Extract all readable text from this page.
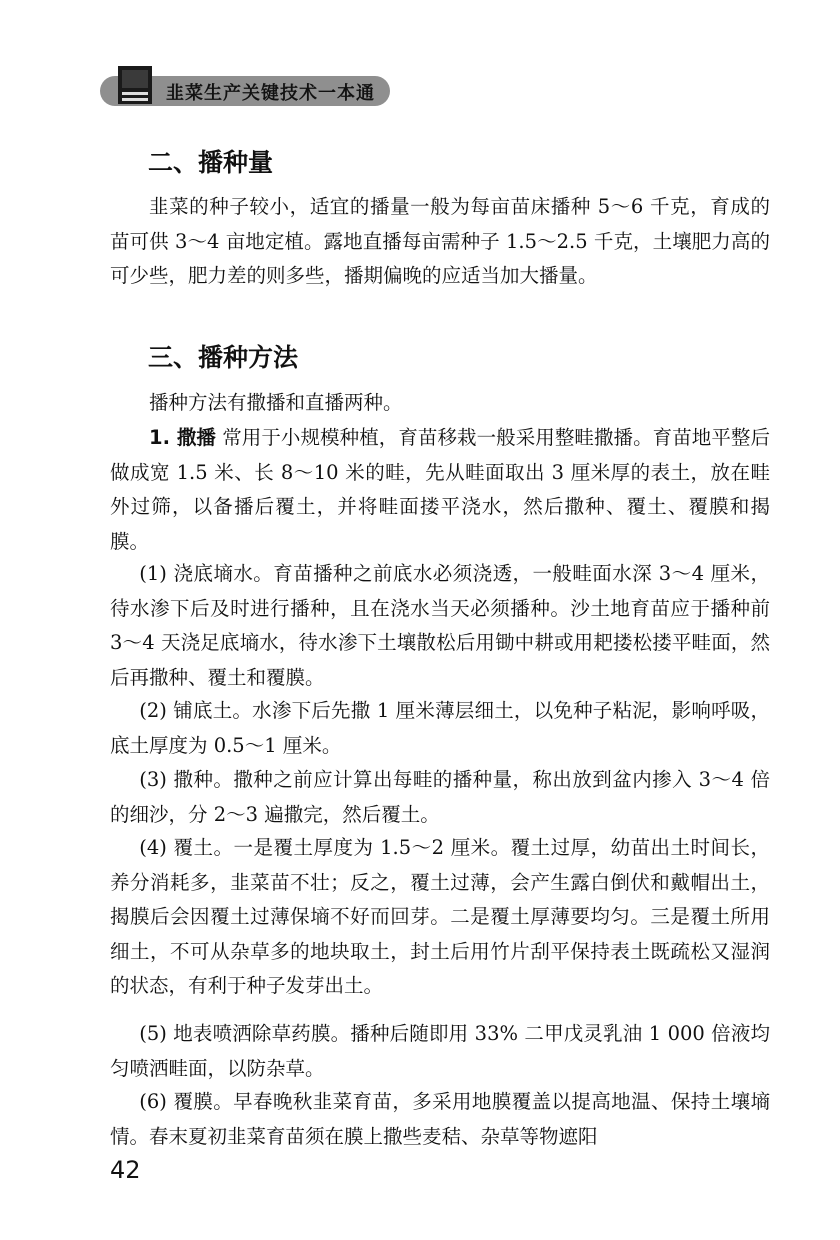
韭菜生产关键技术一本通
二、播种量

韭菜的种子较小，适宜的播量一般为每亩苗床播种 5～6 千克，育成的苗可供 3～4 亩地定植。露地直播每亩需种子 1.5～2.5 千克，土壤肥力高的可少些，肥力差的则多些，播期偏晚的应适当加大播量。

三、播种方法

播种方法有撒播和直播两种。

1. 撒播 常用于小规模种植，育苗移栽一般采用整畦撒播。育苗地平整后做成宽 1.5 米、长 8～10 米的畦，先从畦面取出 3 厘米厚的表土，放在畦外过筛，以备播后覆土，并将畦面搂平浇水，然后撒种、覆土、覆膜和揭膜。

(1) 浇底墒水。育苗播种之前底水必须浇透，一般畦面水深 3～4 厘米，待水渗下后及时进行播种，且在浇水当天必须播种。沙土地育苗应于播种前 3～4 天浇足底墒水，待水渗下土壤散松后用锄中耕或用耙搂松搂平畦面，然后再撒种、覆土和覆膜。

(2) 铺底土。水渗下后先撒 1 厘米薄层细土，以免种子粘泥，影响呼吸，底土厚度为 0.5～1 厘米。

(3) 撒种。撒种之前应计算出每畦的播种量，称出放到盆内掺入 3～4 倍的细沙，分 2～3 遍撒完，然后覆土。

(4) 覆土。一是覆土厚度为 1.5～2 厘米。覆土过厚，幼苗出土时间长，养分消耗多，韭菜苗不壮；反之，覆土过薄，会产生露白倒伏和戴帽出土，揭膜后会因覆土过薄保墒不好而回芽。二是覆土厚薄要均匀。三是覆土所用细土，不可从杂草多的地块取土，封土后用竹片刮平保持表土既疏松又湿润的状态，有利于种子发芽出土。

(5) 地表喷洒除草药膜。播种后随即用 33% 二甲戊灵乳油 1 000 倍液均匀喷洒畦面，以防杂草。

(6) 覆膜。早春晚秋韭菜育苗，多采用地膜覆盖以提高地温、保持土壤墒情。春末夏初韭菜育苗须在膜上撒些麦秸、杂草等物遮阳

42
